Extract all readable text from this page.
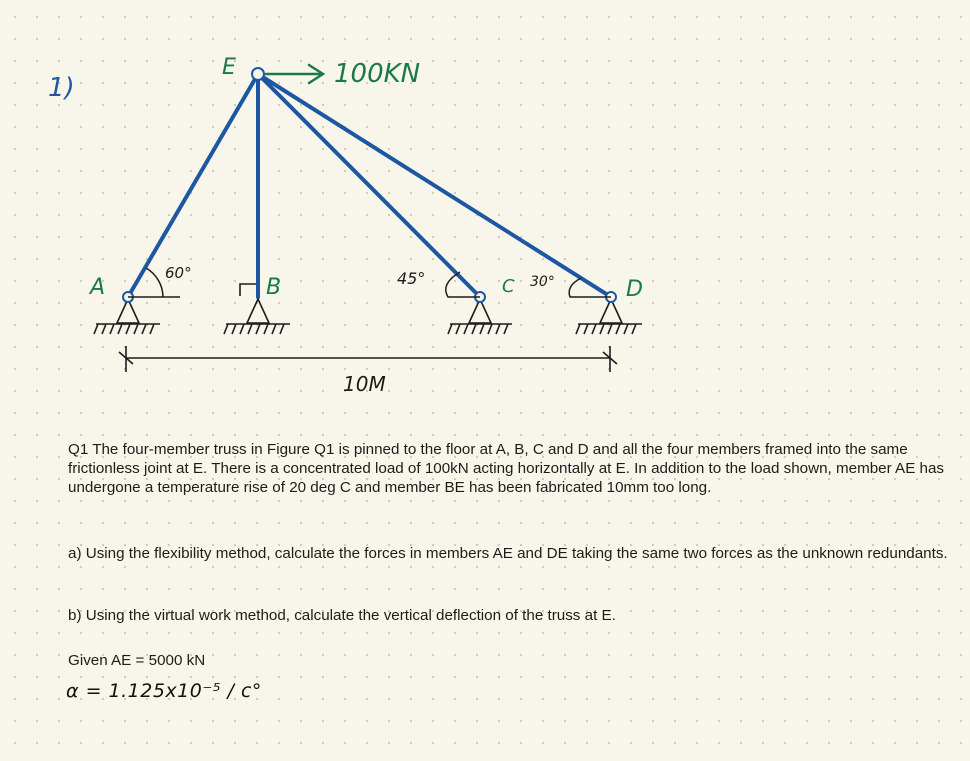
1)
E	100KN
A
60°
B	45°	C 30°	D
10M
Q1 The four-member truss in Figure Q1 is pinned to the floor at A, B, C and D and all the four members framed into the same frictionless joint at E. There is a concentrated load of 100kN acting horizontally at E. In addition to the load shown, member AE has undergone a temperature rise of 20 deg C and member BE has been fabricated 10mm too long.
a) Using the flexibility method, calculate the forces in members AE and DE taking the same two forces as the unknown redundants.
b) Using the virtual work method, calculate the vertical deflection of the truss at E.
Given AE = 5000 kN
α = 1.125x10⁻⁵ / c°
